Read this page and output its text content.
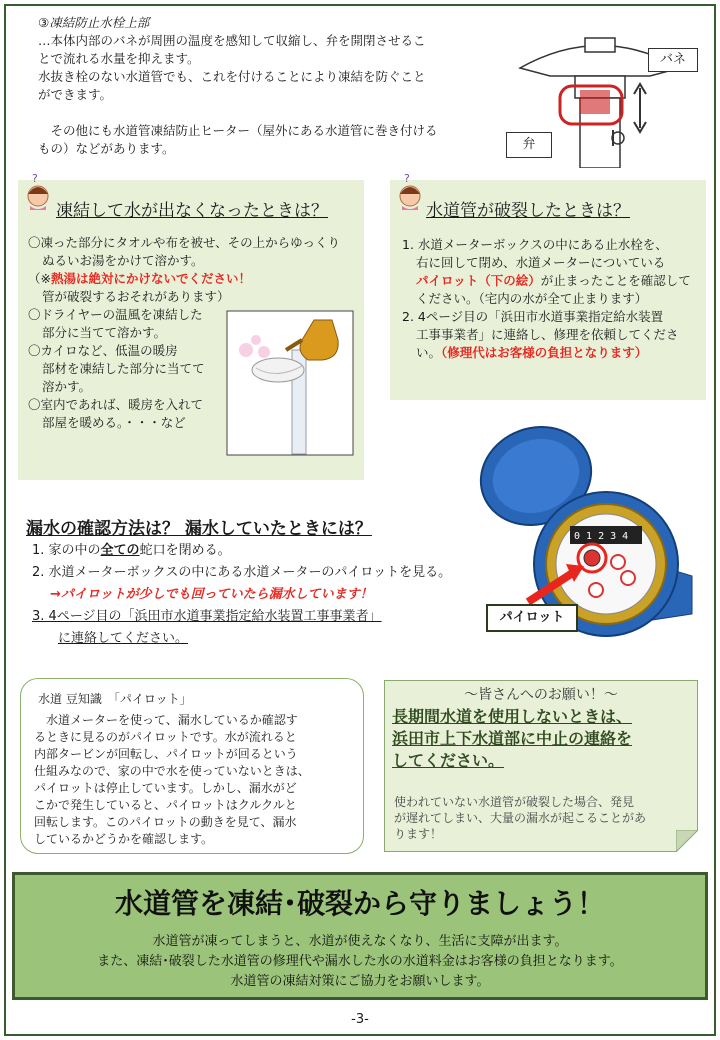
③凍結防止水栓上部
…本体内部のバネが周囲の温度を感知して収縮し、弁を開閉させるこ
とで流れる水量を抑えます。
水抜き栓のない水道管でも、これを付けることにより凍結を防ぐこと
ができます。
　その他にも水道管凍結防止ヒーター（屋外にある水道管に巻き付ける
もの）などがあります。
バネ
弁
?
凍結して水が出なくなったときは？
〇凍った部分にタオルや布を被せ、その上からゆっくり
ぬるいお湯をかけて溶かす。
（※熱湯は絶対にかけないでください！
管が破裂するおそれがあります）
〇ドライヤーの温風を凍結した
部分に当てて溶かす。
〇カイロなど、低温の暖房
部材を凍結した部分に当てて
溶かす。
〇室内であれば、暖房を入れて
部屋を暖める。・・・など
?
水道管が破裂したときは？
1. 水道メーターボックスの中にある止水栓を、
右に回して閉め、水道メーターについている
パイロット（下の絵）が止まったことを確認して
ください。（宅内の水が全て止まります）
2. 4ページ目の「浜田市水道事業指定給水装置
工事事業者」に連絡し、修理を依頼してくださ
い。（修理代はお客様の負担となります）
0 1 2 3 4
パイロット
漏水の確認方法は？ 漏水していたときには？
1. 家の中の全ての蛇口を閉める。
2. 水道メーターボックスの中にある水道メーターのパイロットを見る。
→パイロットが少しでも回っていたら漏水しています！
3. 4ページ目の「浜田市水道事業指定給水装置工事事業者」
に連絡してください。
水道 豆知識　「パイロット」
　水道メーターを使って、漏水しているか確認す
るときに見るのがパイロットです。水が流れると
内部タービンが回転し、パイロットが回るという
仕組みなので、家の中で水を使っていないときは、
パイロットは停止しています。しかし、漏水がど
こかで発生していると、パイロットはクルクルと
回転します。このパイロットの動きを見て、漏水
しているかどうかを確認します。
～皆さんへのお願い！～
長期間水道を使用しないときは、
浜田市上下水道部に中止の連絡を
してください。
使われていない水道管が破裂した場合、発見
が遅れてしまい、大量の漏水が起こることがあ
ります！
水道管を凍結･破裂から守りましょう！
水道管が凍ってしまうと、水道が使えなくなり、生活に支障が出ます。
また、凍結･破裂した水道管の修理代や漏水した水の水道料金はお客様の負担となります。
水道管の凍結対策にご協力をお願いします。
-3-
